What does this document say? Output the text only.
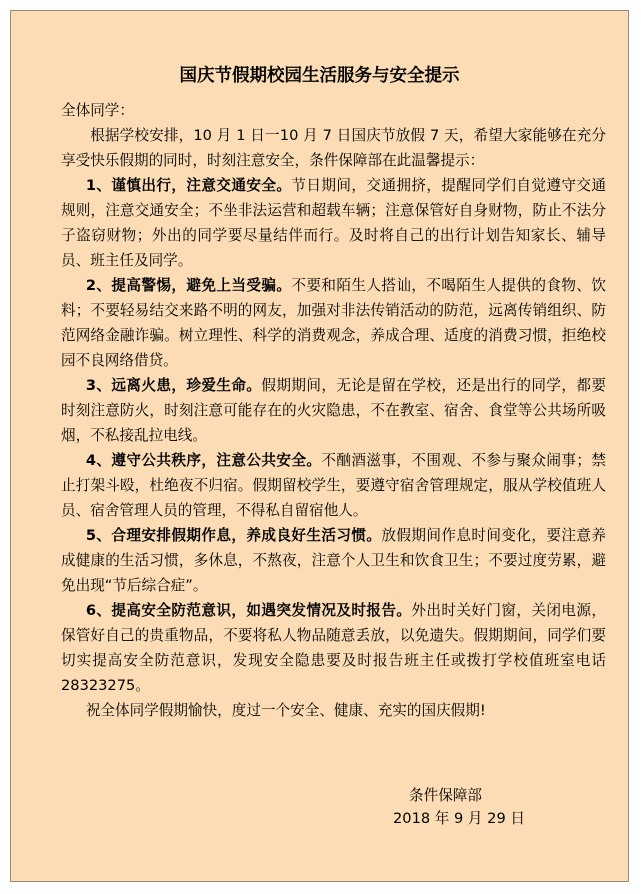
国庆节假期校园生活服务与安全提示

全体同学：

根据学校安排，10 月 1 日一10 月 7 日国庆节放假 7 天，希望大家能够在充分享受快乐假期的同时，时刻注意安全，条件保障部在此温馨提示：

1、谨慎出行，注意交通安全。节日期间，交通拥挤，提醒同学们自觉遵守交通规则，注意交通安全；不坐非法运营和超载车辆；注意保管好自身财物，防止不法分子盗窃财物；外出的同学要尽量结伴而行。及时将自己的出行计划告知家长、辅导员、班主任及同学。

2、提高警惕，避免上当受骗。不要和陌生人搭讪，不喝陌生人提供的食物、饮料；不要轻易结交来路不明的网友，加强对非法传销活动的防范，远离传销组织、防范网络金融诈骗。树立理性、科学的消费观念，养成合理、适度的消费习惯，拒绝校园不良网络借贷。

3、远离火患，珍爱生命。假期期间，无论是留在学校，还是出行的同学，都要时刻注意防火，时刻注意可能存在的火灾隐患，不在教室、宿舍、食堂等公共场所吸烟，不私接乱拉电线。

4、遵守公共秩序，注意公共安全。不酗酒滋事，不围观、不参与聚众闹事；禁止打架斗殴，杜绝夜不归宿。假期留校学生，要遵守宿舍管理规定，服从学校值班人员、宿舍管理人员的管理，不得私自留宿他人。

5、合理安排假期作息，养成良好生活习惯。放假期间作息时间变化，要注意养成健康的生活习惯，多休息，不熬夜，注意个人卫生和饮食卫生；不要过度劳累，避免出现“节后综合症”。

6、提高安全防范意识，如遇突发情况及时报告。外出时关好门窗，关闭电源，保管好自己的贵重物品，不要将私人物品随意丢放，以免遗失。假期期间，同学们要切实提高安全防范意识，发现安全隐患要及时报告班主任或拨打学校值班室电话 28323275。

祝全体同学假期愉快，度过一个安全、健康、充实的国庆假期!

条件保障部
2018 年 9 月 29 日
